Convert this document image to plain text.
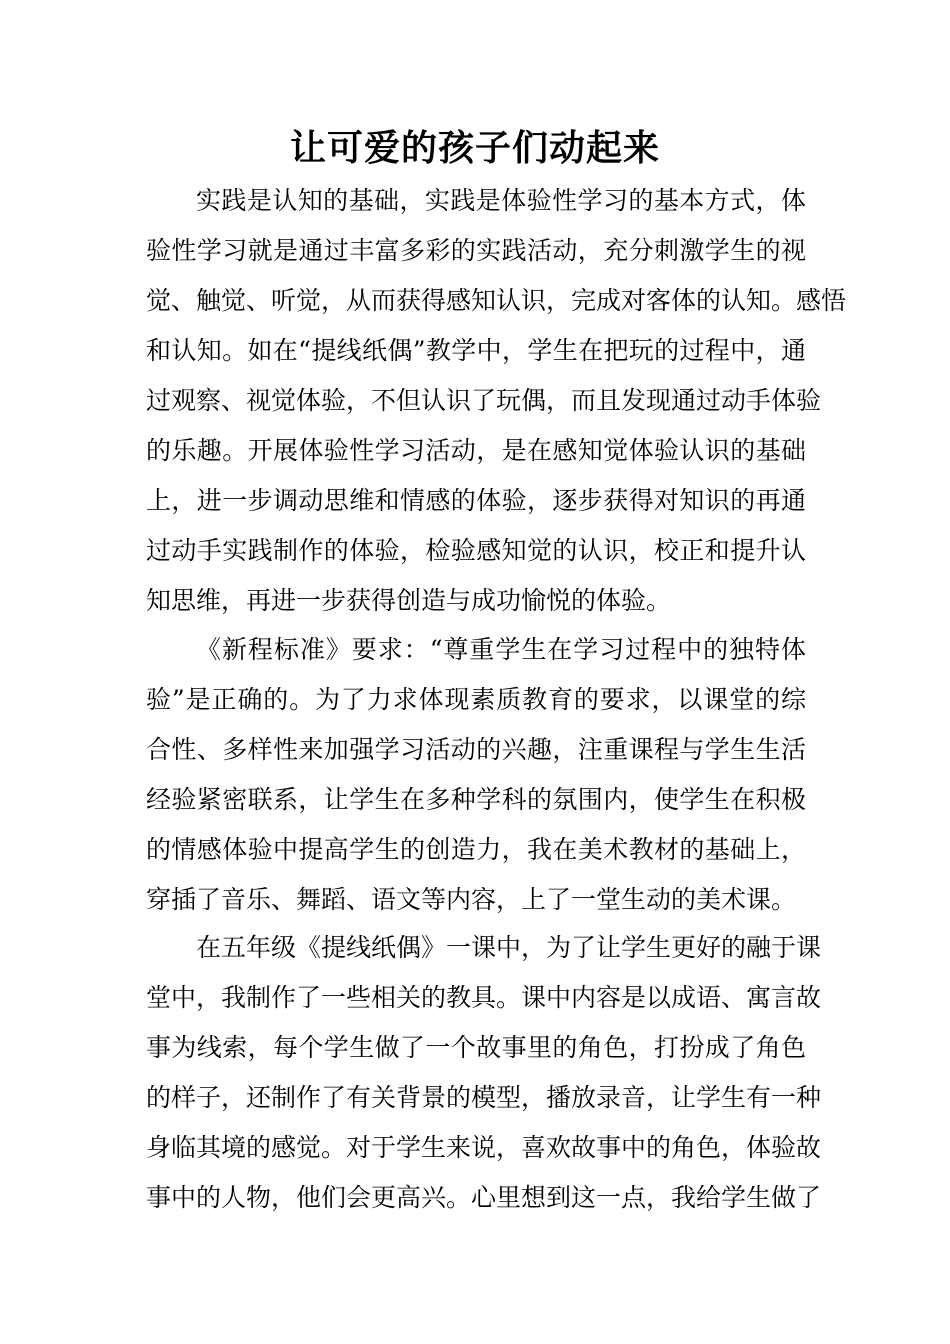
让可爱的孩子们动起来
实践是认知的基础，实践是体验性学习的基本方式，体
验性学习就是通过丰富多彩的实践活动，充分刺激学生的视
觉、触觉、听觉，从而获得感知认识，完成对客体的认知。感悟
和认知。如在“提线纸偶”教学中，学生在把玩的过程中，通
过观察、视觉体验，不但认识了玩偶，而且发现通过动手体验
的乐趣。开展体验性学习活动，是在感知觉体验认识的基础
上，进一步调动思维和情感的体验，逐步获得对知识的再通
过动手实践制作的体验，检验感知觉的认识，校正和提升认
知思维，再进一步获得创造与成功愉悦的体验。
《新程标准》要求：“尊重学生在学习过程中的独特体
验”是正确的。为了力求体现素质教育的要求，以课堂的综
合性、多样性来加强学习活动的兴趣，注重课程与学生生活
经验紧密联系，让学生在多种学科的氛围内，使学生在积极
的情感体验中提高学生的创造力，我在美术教材的基础上，
穿插了音乐、舞蹈、语文等内容，上了一堂生动的美术课。
在五年级《提线纸偶》一课中，为了让学生更好的融于课
堂中，我制作了一些相关的教具。课中内容是以成语、寓言故
事为线索，每个学生做了一个故事里的角色，打扮成了角色
的样子，还制作了有关背景的模型，播放录音，让学生有一种
身临其境的感觉。对于学生来说，喜欢故事中的角色，体验故
事中的人物，他们会更高兴。心里想到这一点，我给学生做了
